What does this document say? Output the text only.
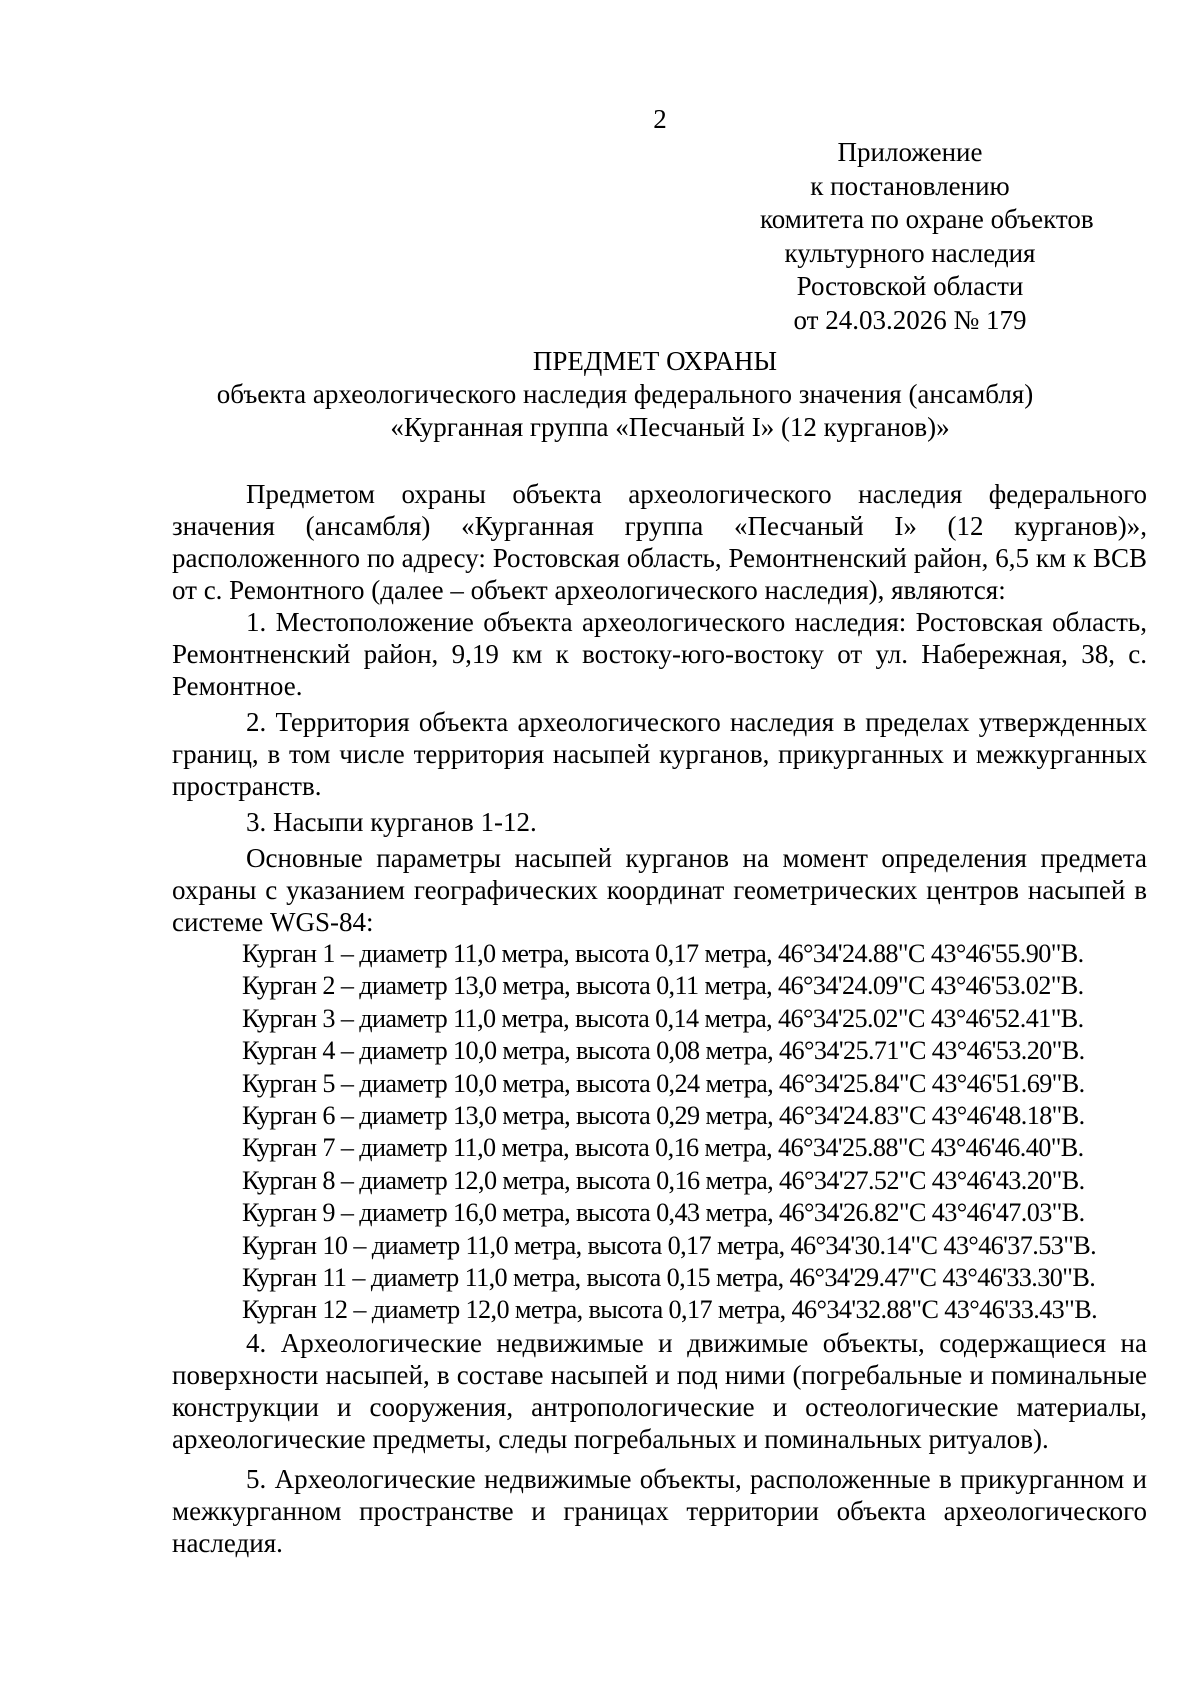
2
Приложение
к постановлению
комитета по охране объектов
культурного наследия
Ростовской области
от 24.03.2026 № 179
ПРЕДМЕТ ОХРАНЫ
объекта археологического наследия федерального значения (ансамбля)
«Курганная группа «Песчаный I» (12 курганов)»

Предметом охраны объекта археологического наследия федерального значения (ансамбля) «Курганная группа «Песчаный I» (12 курганов)», расположенного по адресу: Ростовская область, Ремонтненский район, 6,5 км к ВСВ от с. Ремонтного (далее – объект археологического наследия), являются:

1. Местоположение объекта археологического наследия: Ростовская область, Ремонтненский район, 9,19 км к востоку-юго-востоку от ул. Набережная, 38, с. Ремонтное.

2. Территория объекта археологического наследия в пределах утвержденных границ, в том числе территория насыпей курганов, прикурганных и межкурганных пространств.

3. Насыпи курганов 1-12.

Основные параметры насыпей курганов на момент определения предмета охраны с указанием географических координат геометрических центров насыпей в системе WGS-84:

Курган 1 – диаметр 11,0 метра, высота 0,17 метра, 46°34'24.88"С 43°46'55.90"В.
Курган 2 – диаметр 13,0 метра, высота 0,11 метра, 46°34'24.09"С 43°46'53.02"В.
Курган 3 – диаметр 11,0 метра, высота 0,14 метра, 46°34'25.02"С 43°46'52.41"В.
Курган 4 – диаметр 10,0 метра, высота 0,08 метра, 46°34'25.71"С 43°46'53.20"В.
Курган 5 – диаметр 10,0 метра, высота 0,24 метра, 46°34'25.84"С 43°46'51.69"В.
Курган 6 – диаметр 13,0 метра, высота 0,29 метра, 46°34'24.83"С 43°46'48.18"В.
Курган 7 – диаметр 11,0 метра, высота 0,16 метра, 46°34'25.88"С 43°46'46.40"В.
Курган 8 – диаметр 12,0 метра, высота 0,16 метра, 46°34'27.52"С 43°46'43.20"В.
Курган 9 – диаметр 16,0 метра, высота 0,43 метра, 46°34'26.82"С 43°46'47.03"В.
Курган 10 – диаметр 11,0 метра, высота 0,17 метра, 46°34'30.14"С 43°46'37.53"В.
Курган 11 – диаметр 11,0 метра, высота 0,15 метра, 46°34'29.47"С 43°46'33.30"В.
Курган 12 – диаметр 12,0 метра, высота 0,17 метра, 46°34'32.88"С 43°46'33.43"В.

4. Археологические недвижимые и движимые объекты, содержащиеся на поверхности насыпей, в составе насыпей и под ними (погребальные и поминальные конструкции и сооружения, антропологические и остеологические материалы, археологические предметы, следы погребальных и поминальных ритуалов).

5. Археологические недвижимые объекты, расположенные в прикурганном и межкурганном пространстве и границах территории объекта археологического наследия.
